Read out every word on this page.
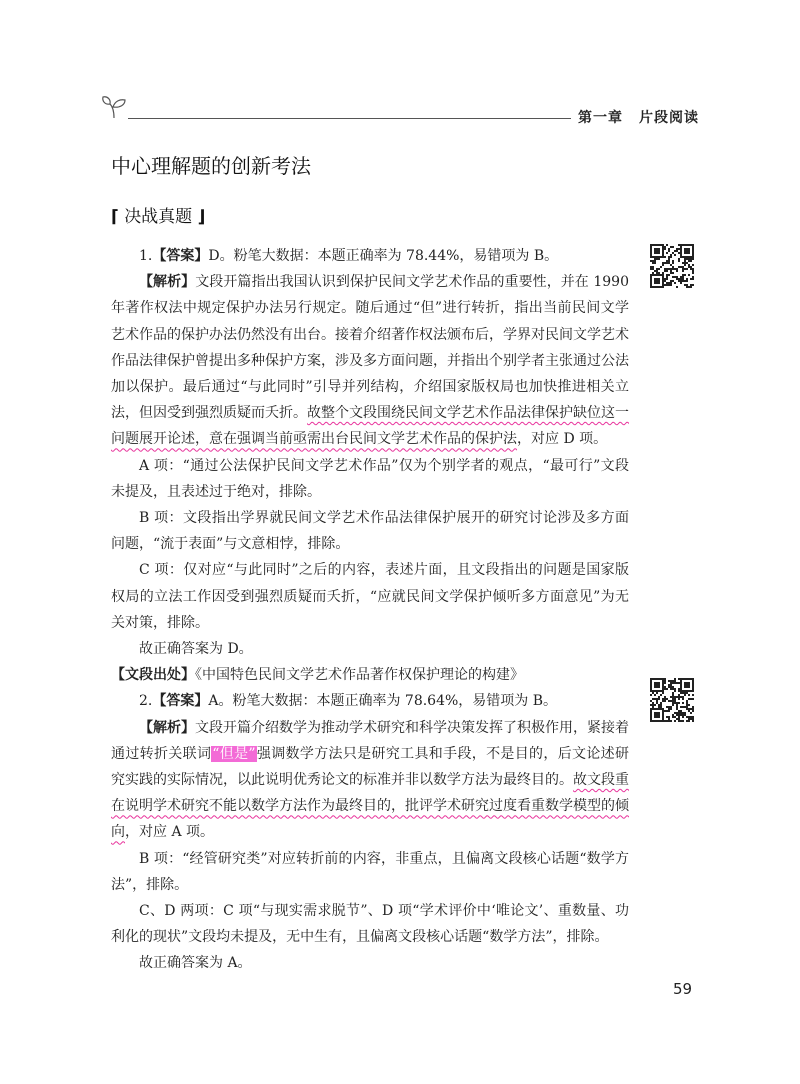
第一章 片段阅读
中心理解题的创新考法
⌈ 决战真题 ⌋

1.【答案】D。粉笔大数据：本题正确率为 78.44%，易错项为 B。

【解析】文段开篇指出我国认识到保护民间文学艺术作品的重要性，并在 1990 年著作权法中规定保护办法另行规定。随后通过“但”进行转折，指出当前民间文学艺术作品的保护办法仍然没有出台。接着介绍著作权法颁布后，学界对民间文学艺术作品法律保护曾提出多种保护方案，涉及多方面问题，并指出个别学者主张通过公法加以保护。最后通过“与此同时”引导并列结构，介绍国家版权局也加快推进相关立法，但因受到强烈质疑而夭折。故整个文段围绕民间文学艺术作品法律保护缺位这一问题展开论述，意在强调当前亟需出台民间文学艺术作品的保护法，对应 D 项。

A 项：“通过公法保护民间文学艺术作品”仅为个别学者的观点，“最可行”文段未提及，且表述过于绝对，排除。

B 项：文段指出学界就民间文学艺术作品法律保护展开的研究讨论涉及多方面问题，“流于表面”与文意相悖，排除。

C 项：仅对应“与此同时”之后的内容，表述片面，且文段指出的问题是国家版权局的立法工作因受到强烈质疑而夭折，“应就民间文学保护倾听多方面意见”为无关对策，排除。

故正确答案为 D。

【文段出处】《中国特色民间文学艺术作品著作权保护理论的构建》

2.【答案】A。粉笔大数据：本题正确率为 78.64%，易错项为 B。

【解析】文段开篇介绍数学为推动学术研究和科学决策发挥了积极作用，紧接着通过转折关联词“但是”强调数学方法只是研究工具和手段，不是目的，后文论述研究实践的实际情况，以此说明优秀论文的标准并非以数学方法为最终目的。故文段重在说明学术研究不能以数学方法作为最终目的，批评学术研究过度看重数学模型的倾向，对应 A 项。

B 项：“经管研究类”对应转折前的内容，非重点，且偏离文段核心话题“数学方法”，排除。

C、D 两项：C 项“与现实需求脱节”、D 项“学术评价中‘唯论文’、重数量、功利化的现状”文段均未提及，无中生有，且偏离文段核心话题“数学方法”，排除。

故正确答案为 A。

59
